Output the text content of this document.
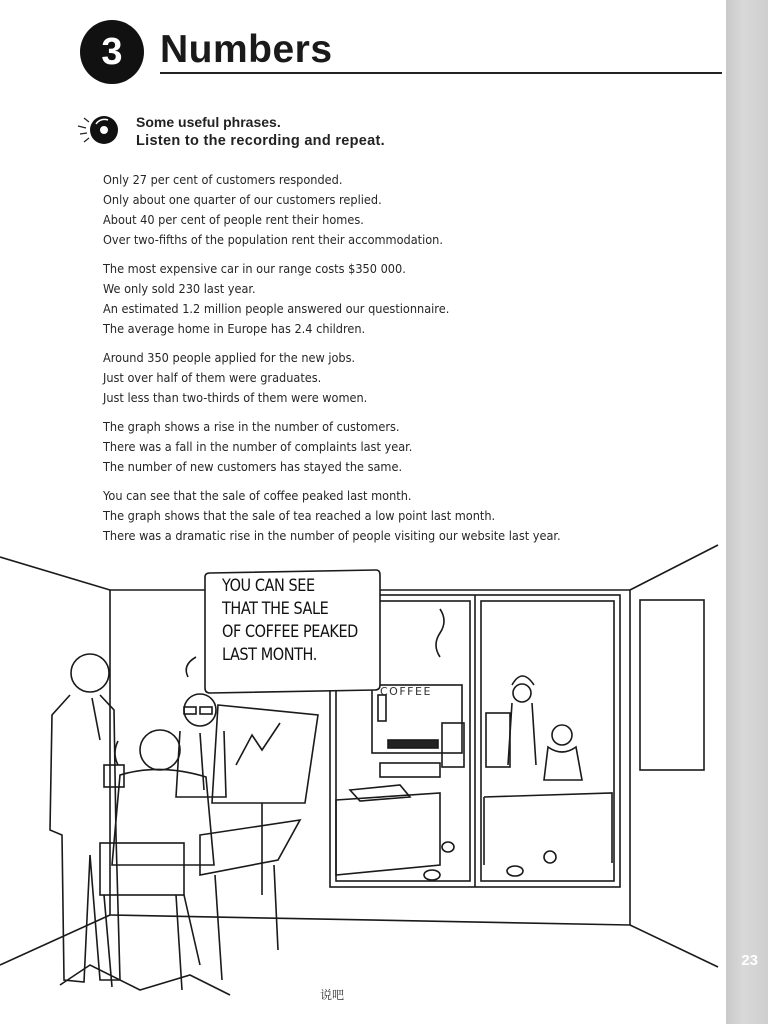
23
3 Numbers
Some useful phrases.
Listen to the recording and repeat.
Only 27 per cent of customers responded.
Only about one quarter of our customers replied.
About 40 per cent of people rent their homes.
Over two-fifths of the population rent their accommodation.
The most expensive car in our range costs $350 000.
We only sold 230 last year.
An estimated 1.2 million people answered our questionnaire.
The average home in Europe has 2.4 children.
Around 350 people applied for the new jobs.
Just over half of them were graduates.
Just less than two-thirds of them were women.
The graph shows a rise in the number of customers.
There was a fall in the number of complaints last year.
The number of new customers has stayed the same.
You can see that the sale of coffee peaked last month.
The graph shows that the sale of tea reached a low point last month.
There was a dramatic rise in the number of people visiting our website last year.
YOU CAN SEE
THAT THE SALE
OF COFFEE PEAKED
LAST MONTH.
COFFEE
说吧
